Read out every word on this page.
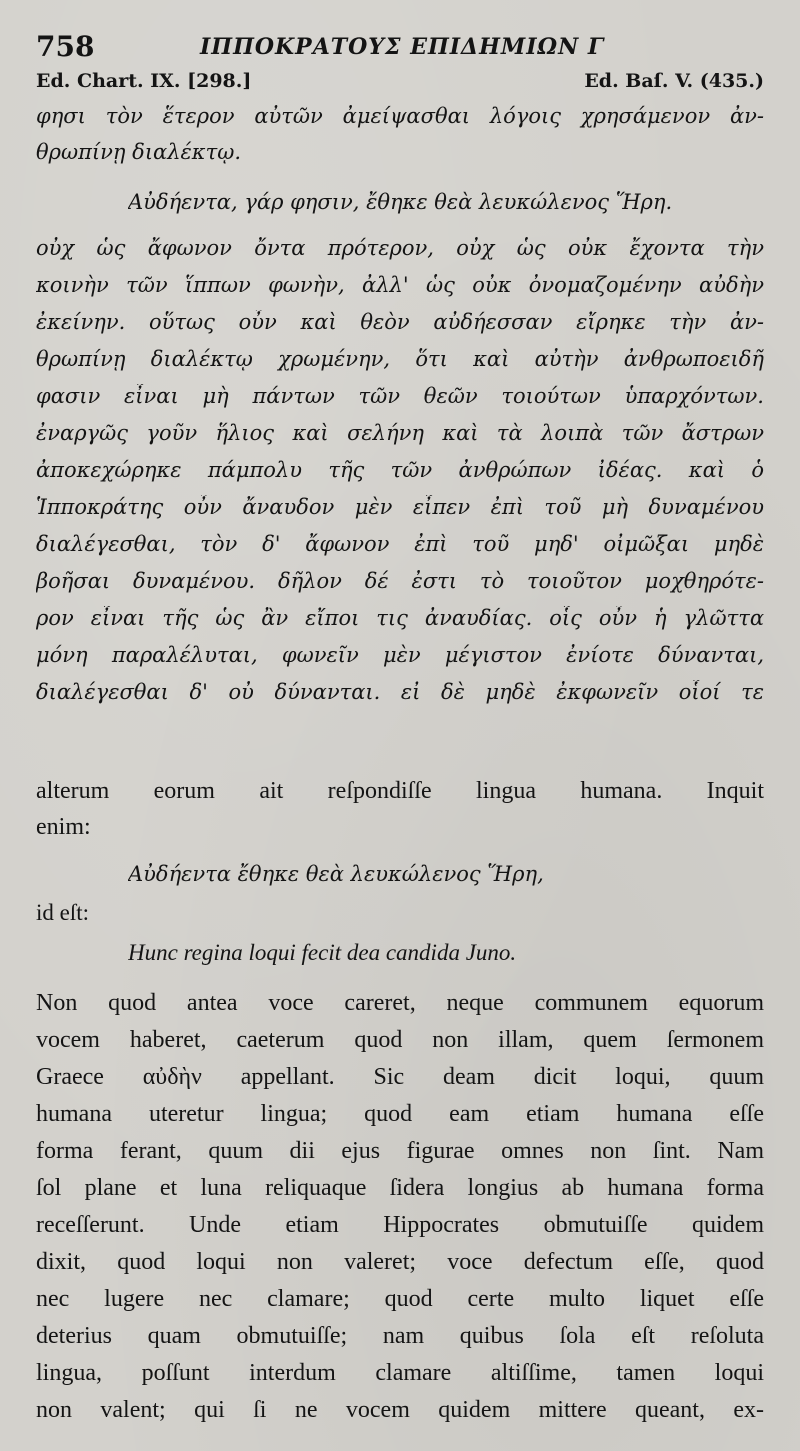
758	ΙΠΠΟΚΡΑΤΟΥΣ ΕΠΙΔΗΜΙΩΝ Γ
Ed. Chart. IX. [298.]	Ed. Baſ. V. (435.)
φησι τὸν ἕτερον αὐτῶν ἀμείψασθαι λόγοις χρησάμενον ἀν-
θρωπίνῃ διαλέκτῳ.
Αὐδήεντα, γάρ φησιν, ἔθηκε θεὰ λευκώλενος Ἥρη.
οὐχ ὡς ἄφωνον ὄντα πρότερον, οὐχ ὡς οὐκ ἔχοντα τὴν
κοινὴν τῶν ἵππων φωνὴν, ἀλλ' ὡς οὐκ ὀνομαζομένην αὐδὴν
ἐκείνην. οὕτως οὖν καὶ θεὸν αὐδήεσσαν εἴρηκε τὴν ἀν-
θρωπίνῃ διαλέκτῳ χρωμένην, ὅτι καὶ αὐτὴν ἀνθρωποειδῆ
φασιν εἶναι μὴ πάντων τῶν θεῶν τοιούτων ὑπαρχόντων.
ἐναργῶς γοῦν ἥλιος καὶ σελήνη καὶ τὰ λοιπὰ τῶν ἄστρων
ἀποκεχώρηκε πάμπολυ τῆς τῶν ἀνθρώπων ἰδέας. καὶ ὁ
Ἱπποκράτης οὖν ἄναυδον μὲν εἶπεν ἐπὶ τοῦ μὴ δυναμένου
διαλέγεσθαι, τὸν δ' ἄφωνον ἐπὶ τοῦ μηδ' οἰμῶξαι μηδὲ
βοῆσαι δυναμένου. δῆλον δέ ἐστι τὸ τοιοῦτον μοχθηρότε-
ρον εἶναι τῆς ὡς ἂν εἴποι τις ἀναυδίας. οἷς οὖν ἡ γλῶττα
μόνη παραλέλυται, φωνεῖν μὲν μέγιστον ἐνίοτε δύνανται,
διαλέγεσθαι δ' οὐ δύνανται. εἰ δὲ μηδὲ ἐκφωνεῖν οἷοί τε
alterum eorum ait reſpondiſſe lingua humana. Inquit
enim:
Αὐδήεντα ἔθηκε θεὰ λευκώλενος Ἥρη,
id eſt:
Hunc regina loqui fecit dea candida Juno.
Non quod antea voce careret, neque communem equorum
vocem haberet, caeterum quod non illam, quem ſermonem
Graece αὐδὴν appellant. Sic deam dicit loqui, quum
humana uteretur lingua; quod eam etiam humana eſſe
forma ferant, quum dii ejus figurae omnes non ſint. Nam
ſol plane et luna reliquaque ſidera longius ab humana forma
receſſerunt. Unde etiam Hippocrates obmutuiſſe quidem
dixit, quod loqui non valeret; voce defectum eſſe, quod
nec lugere nec clamare; quod certe multo liquet eſſe
deterius quam obmutuiſſe; nam quibus ſola eſt reſoluta
lingua, poſſunt interdum clamare altiſſime, tamen loqui
non valent; qui ſi ne vocem quidem mittere queant, ex-
